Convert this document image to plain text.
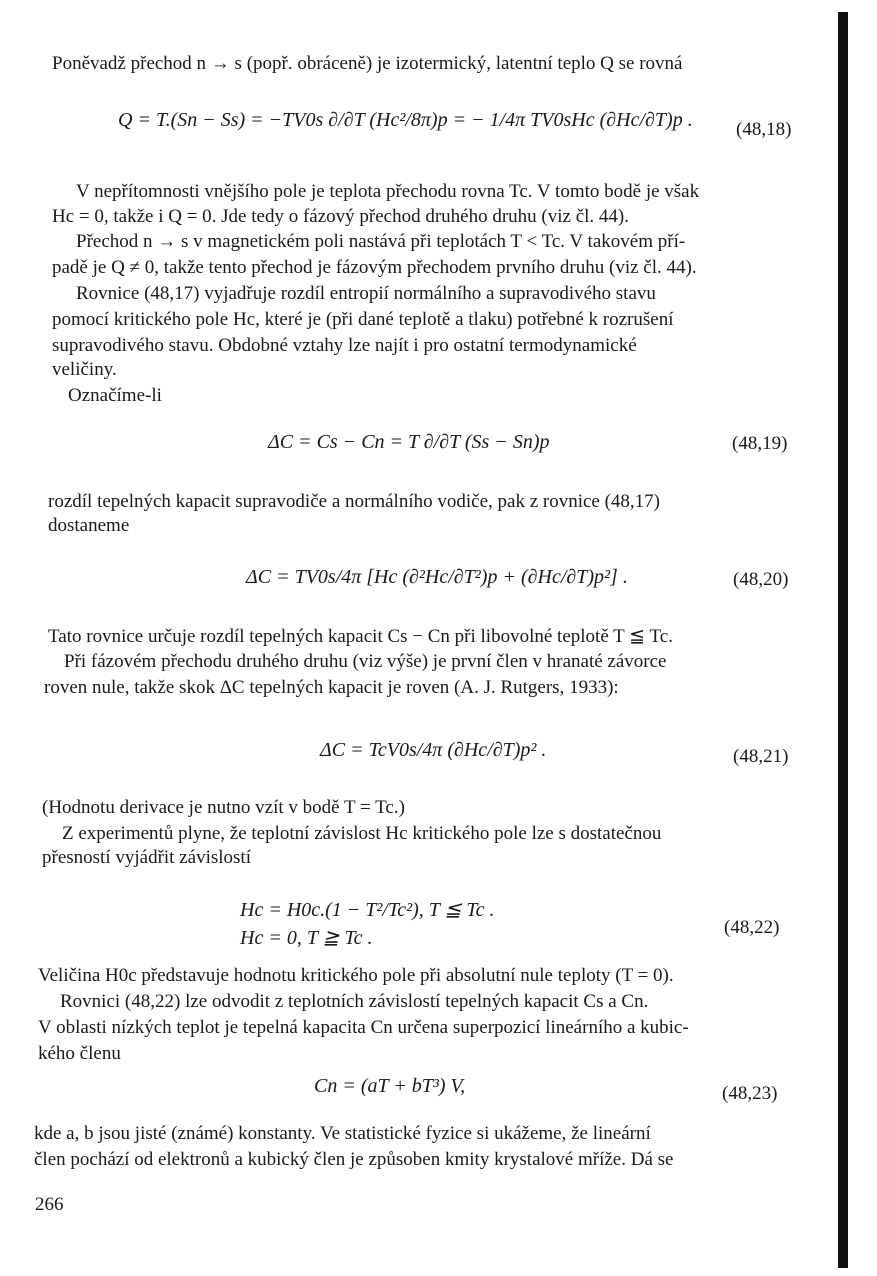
Poněvadž přechod n → s (popř. obráceně) je izotermický, latentní teplo Q se rovná
Q = T.(Sn − Ss) = −TV0s ∂/∂T (Hc²/8π)p = − 1/4π TV0sHc (∂Hc/∂T)p . (48,18)
V nepřítomnosti vnějšího pole je teplota přechodu rovna Tc. V tomto bodě je však
Hc = 0, takže i Q = 0. Jde tedy o fázový přechod druhého druhu (viz čl. 44).
Přechod n → s v magnetickém poli nastává při teplotách T < Tc. V takovém pří-
padě je Q ≠ 0, takže tento přechod je fázovým přechodem prvního druhu (viz čl. 44).
Rovnice (48,17) vyjadřuje rozdíl entropií normálního a supravodivého stavu
pomocí kritického pole Hc, které je (při dané teplotě a tlaku) potřebné k rozrušení
supravodivého stavu. Obdobné vztahy lze najít i pro ostatní termodynamické
veličiny.
Označíme-li
ΔC = Cs − Cn = T ∂/∂T (Ss − Sn)p	(48,19)
rozdíl tepelných kapacit supravodiče a normálního vodiče, pak z rovnice (48,17)
dostaneme
ΔC = TV0s/4π [Hc (∂²Hc/∂T²)p + (∂Hc/∂T)p²] .	(48,20)
Tato rovnice určuje rozdíl tepelných kapacit Cs − Cn při libovolné teplotě T ≦ Tc.
Při fázovém přechodu druhého druhu (viz výše) je první člen v hranaté závorce
roven nule, takže skok ΔC tepelných kapacit je roven (A. J. Rutgers, 1933):
ΔC = TcV0s/4π (∂Hc/∂T)p² .	(48,21)
(Hodnotu derivace je nutno vzít v bodě T = Tc.)
Z experimentů plyne, že teplotní závislost Hc kritického pole lze s dostatečnou
přesností vyjádřit závislostí
Hc = H0c.(1 − T²/Tc²), T ≦ Tc .
Hc = 0, T ≧ Tc .	(48,22)
Veličina H0c představuje hodnotu kritického pole při absolutní nule teploty (T = 0).
Rovnici (48,22) lze odvodit z teplotních závislostí tepelných kapacit Cs a Cn.
V oblasti nízkých teplot je tepelná kapacita Cn určena superpozicí lineárního a kubic-
kého členu
Cn = (aT + bT³) V,	(48,23)
kde a, b jsou jisté (známé) konstanty. Ve statistické fyzice si ukážeme, že lineární
člen pochází od elektronů a kubický člen je způsoben kmity krystalové mříže. Dá se
266
